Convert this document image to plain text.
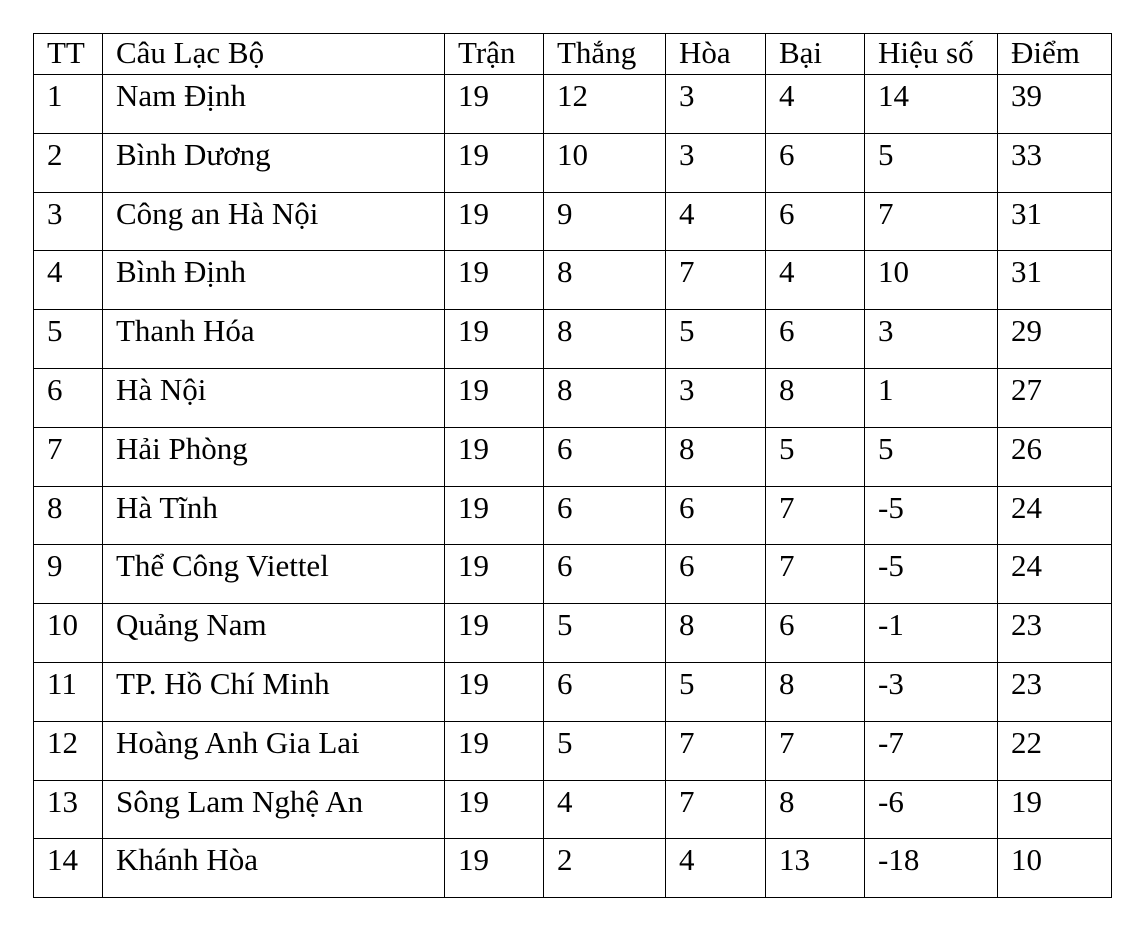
TT	Câu Lạc Bộ	Trận	Thắng	Hòa	Bại	Hiệu số	Điểm
1	Nam Định	19	12	3	4	14	39
2	Bình Dương	19	10	3	6	5	33
3	Công an Hà Nội	19	9	4	6	7	31
4	Bình Định	19	8	7	4	10	31
5	Thanh Hóa	19	8	5	6	3	29
6	Hà Nội	19	8	3	8	1	27
7	Hải Phòng	19	6	8	5	5	26
8	Hà Tĩnh	19	6	6	7	-5	24
9	Thể Công Viettel	19	6	6	7	-5	24
10	Quảng Nam	19	5	8	6	-1	23
11	TP. Hồ Chí Minh	19	6	5	8	-3	23
12	Hoàng Anh Gia Lai	19	5	7	7	-7	22
13	Sông Lam Nghệ An	19	4	7	8	-6	19
14	Khánh Hòa	19	2	4	13	-18	10
